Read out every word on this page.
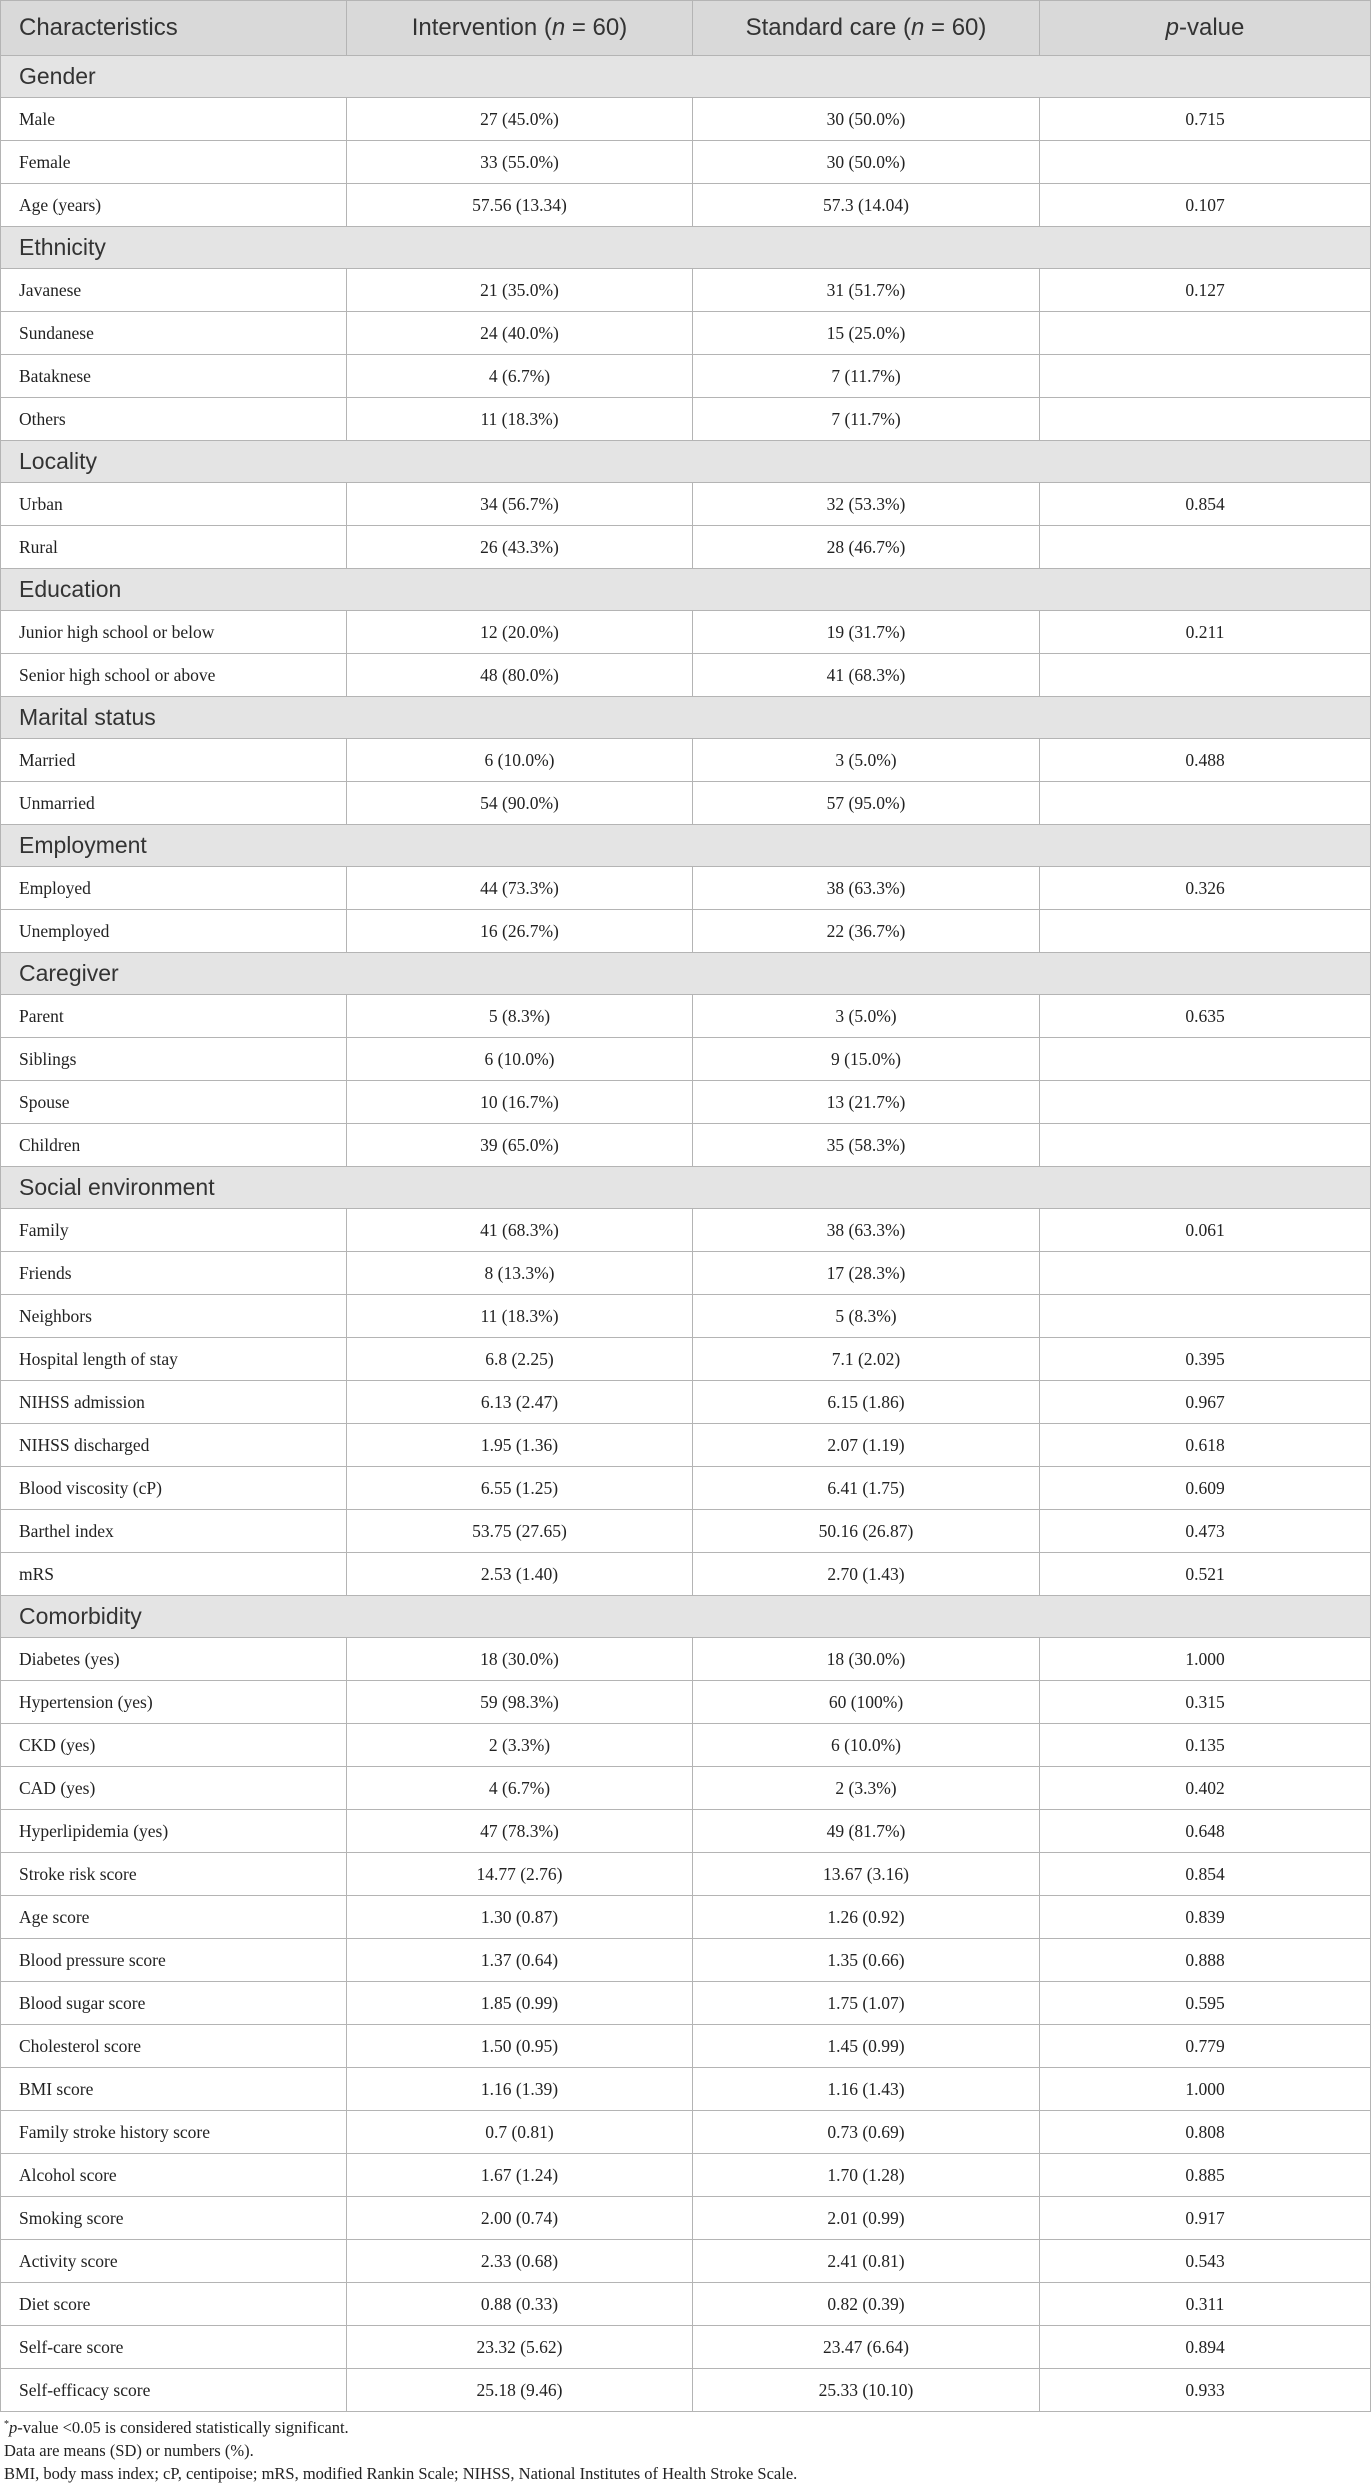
Characteristics	Intervention (n = 60)	Standard care (n = 60)	p-value
Gender			
Male	27 (45.0%)	30 (50.0%)	0.715
Female	33 (55.0%)	30 (50.0%)	
Age (years)	57.56 (13.34)	57.3 (14.04)	0.107
Ethnicity			
Javanese	21 (35.0%)	31 (51.7%)	0.127
Sundanese	24 (40.0%)	15 (25.0%)	
Bataknese	4 (6.7%)	7 (11.7%)	
Others	11 (18.3%)	7 (11.7%)	
Locality			
Urban	34 (56.7%)	32 (53.3%)	0.854
Rural	26 (43.3%)	28 (46.7%)	
Education			
Junior high school or below	12 (20.0%)	19 (31.7%)	0.211
Senior high school or above	48 (80.0%)	41 (68.3%)	
Marital status			
Married	6 (10.0%)	3 (5.0%)	0.488
Unmarried	54 (90.0%)	57 (95.0%)	
Employment			
Employed	44 (73.3%)	38 (63.3%)	0.326
Unemployed	16 (26.7%)	22 (36.7%)	
Caregiver			
Parent	5 (8.3%)	3 (5.0%)	0.635
Siblings	6 (10.0%)	9 (15.0%)	
Spouse	10 (16.7%)	13 (21.7%)	
Children	39 (65.0%)	35 (58.3%)	
Social environment			
Family	41 (68.3%)	38 (63.3%)	0.061
Friends	8 (13.3%)	17 (28.3%)	
Neighbors	11 (18.3%)	5 (8.3%)	
Hospital length of stay	6.8 (2.25)	7.1 (2.02)	0.395
NIHSS admission	6.13 (2.47)	6.15 (1.86)	0.967
NIHSS discharged	1.95 (1.36)	2.07 (1.19)	0.618
Blood viscosity (cP)	6.55 (1.25)	6.41 (1.75)	0.609
Barthel index	53.75 (27.65)	50.16 (26.87)	0.473
mRS	2.53 (1.40)	2.70 (1.43)	0.521
Comorbidity			
Diabetes (yes)	18 (30.0%)	18 (30.0%)	1.000
Hypertension (yes)	59 (98.3%)	60 (100%)	0.315
CKD (yes)	2 (3.3%)	6 (10.0%)	0.135
CAD (yes)	4 (6.7%)	2 (3.3%)	0.402
Hyperlipidemia (yes)	47 (78.3%)	49 (81.7%)	0.648
Stroke risk score	14.77 (2.76)	13.67 (3.16)	0.854
Age score	1.30 (0.87)	1.26 (0.92)	0.839
Blood pressure score	1.37 (0.64)	1.35 (0.66)	0.888
Blood sugar score	1.85 (0.99)	1.75 (1.07)	0.595
Cholesterol score	1.50 (0.95)	1.45 (0.99)	0.779
BMI score	1.16 (1.39)	1.16 (1.43)	1.000
Family stroke history score	0.7 (0.81)	0.73 (0.69)	0.808
Alcohol score	1.67 (1.24)	1.70 (1.28)	0.885
Smoking score	2.00 (0.74)	2.01 (0.99)	0.917
Activity score	2.33 (0.68)	2.41 (0.81)	0.543
Diet score	0.88 (0.33)	0.82 (0.39)	0.311
Self-care score	23.32 (5.62)	23.47 (6.64)	0.894
Self-efficacy score	25.18 (9.46)	25.33 (10.10)	0.933
*p-value <0.05 is considered statistically significant.
Data are means (SD) or numbers (%).
BMI, body mass index; cP, centipoise; mRS, modified Rankin Scale; NIHSS, National Institutes of Health Stroke Scale.
